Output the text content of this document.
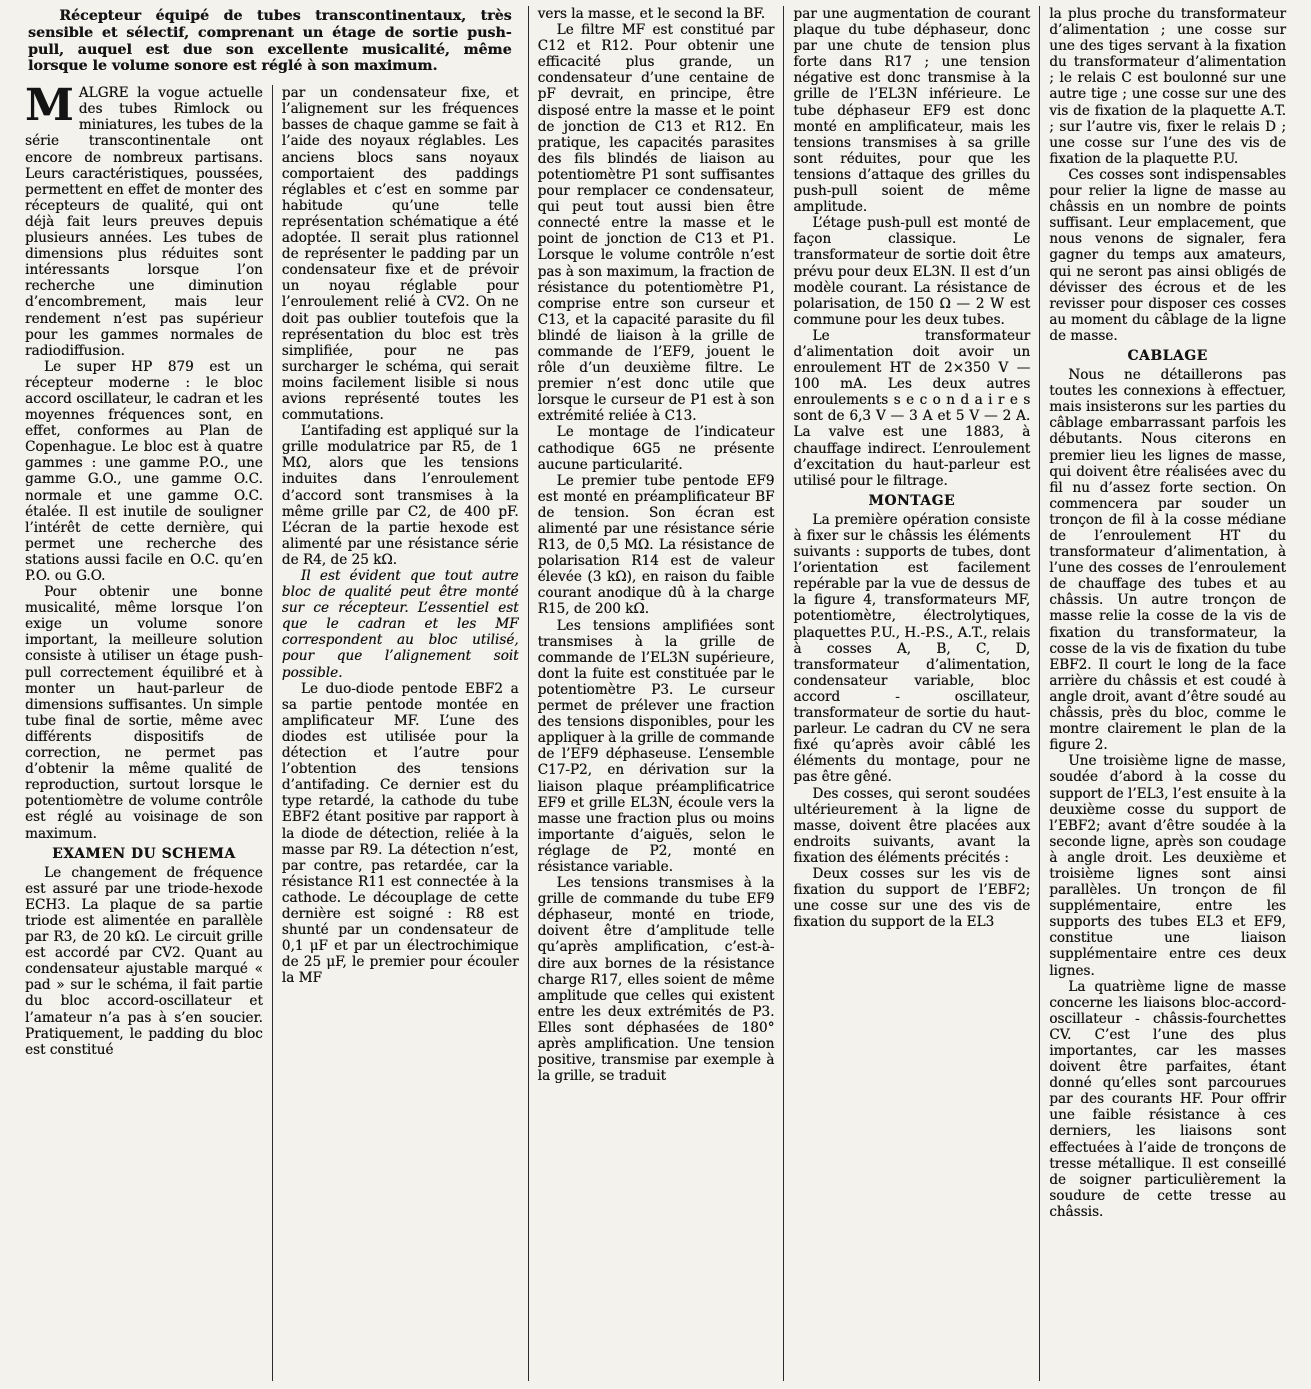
Récepteur équipé de tubes transcontinentaux, très sensible et sélectif, comprenant un étage de sortie push-pull, auquel est due son excellente musicalité, même lorsque le volume sonore est réglé à son maximum.

MALGRE la vogue actuelle des tubes Rimlock ou miniatures, les tubes de la série transcontinentale ont encore de nombreux partisans. Leurs caractéristiques, poussées, permettent en effet de monter des récepteurs de qualité, qui ont déjà fait leurs preuves depuis plusieurs années. Les tubes de dimensions plus réduites sont intéressants lorsque l’on recherche une diminution d’encombrement, mais leur rendement n’est pas supérieur pour les gammes normales de radiodiffusion.

Le super HP 879 est un récepteur moderne : le bloc accord oscillateur, le cadran et les moyennes fréquences sont, en effet, conformes au Plan de Copenhague. Le bloc est à quatre gammes : une gamme P.O., une gamme G.O., une gamme O.C. normale et une gamme O.C. étalée. Il est inutile de souligner l’intérêt de cette dernière, qui permet une recherche des stations aussi facile en O.C. qu’en P.O. ou G.O.

Pour obtenir une bonne musicalité, même lorsque l’on exige un volume sonore important, la meilleure solution consiste à utiliser un étage push-pull correctement équilibré et à monter un haut-parleur de dimensions suffisantes. Un simple tube final de sortie, même avec différents dispositifs de correction, ne permet pas d’obtenir la même qualité de reproduction, surtout lorsque le potentiomètre de volume contrôle est réglé au voisinage de son maximum.

EXAMEN DU SCHEMA

Le changement de fréquence est assuré par une triode-hexode ECH3. La plaque de sa partie triode est alimentée en parallèle par R3, de 20 kΩ. Le circuit grille est accordé par CV2. Quant au condensateur ajustable marqué « pad » sur le schéma, il fait partie du bloc accord-oscillateur et l’amateur n’a pas à s’en soucier. Pratiquement, le padding du bloc est constitué

par un condensateur fixe, et l’alignement sur les fréquences basses de chaque gamme se fait à l’aide des noyaux réglables. Les anciens blocs sans noyaux comportaient des paddings réglables et c’est en somme par habitude qu’une telle représentation schématique a été adoptée. Il serait plus rationnel de représenter le padding par un condensateur fixe et de prévoir un noyau réglable pour l’enroulement relié à CV2. On ne doit pas oublier toutefois que la représentation du bloc est très simplifiée, pour ne pas surcharger le schéma, qui serait moins facilement lisible si nous avions représenté toutes les commutations.

L’antifading est appliqué sur la grille modulatrice par R5, de 1 MΩ, alors que les tensions induites dans l’enroulement d’accord sont transmises à la même grille par C2, de 400 pF. L’écran de la partie hexode est alimenté par une résistance série de R4, de 25 kΩ.

Il est évident que tout autre bloc de qualité peut être monté sur ce récepteur. L’essentiel est que le cadran et les MF correspondent au bloc utilisé, pour que l’alignement soit possible.

Le duo-diode pentode EBF2 a sa partie pentode montée en amplificateur MF. L’une des diodes est utilisée pour la détection et l’autre pour l’obtention des tensions d’antifading. Ce dernier est du type retardé, la cathode du tube EBF2 étant positive par rapport à la diode de détection, reliée à la masse par R9. La détection n’est, par contre, pas retardée, car la résistance R11 est connectée à la cathode. Le découplage de cette dernière est soigné : R8 est shunté par un condensateur de 0,1 μF et par un électrochimique de 25 μF, le premier pour écouler la MF

vers la masse, et le second la BF.

Le filtre MF est constitué par C12 et R12. Pour obtenir une efficacité plus grande, un condensateur d’une centaine de pF devrait, en principe, être disposé entre la masse et le point de jonction de C13 et R12. En pratique, les capacités parasites des fils blindés de liaison au potentiomètre P1 sont suffisantes pour remplacer ce condensateur, qui peut tout aussi bien être connecté entre la masse et le point de jonction de C13 et P1. Lorsque le volume contrôle n’est pas à son maximum, la fraction de résistance du potentiomètre P1, comprise entre son curseur et C13, et la capacité parasite du fil blindé de liaison à la grille de commande de l’EF9, jouent le rôle d’un deuxième filtre. Le premier n’est donc utile que lorsque le curseur de P1 est à son extrémité reliée à C13.

Le montage de l’indicateur cathodique 6G5 ne présente aucune particularité.

Le premier tube pentode EF9 est monté en préamplificateur BF de tension. Son écran est alimenté par une résistance série R13, de 0,5 MΩ. La résistance de polarisation R14 est de valeur élevée (3 kΩ), en raison du faible courant anodique dû à la charge R15, de 200 kΩ.

Les tensions amplifiées sont transmises à la grille de commande de l’EL3N supérieure, dont la fuite est constituée par le potentiomètre P3. Le curseur permet de prélever une fraction des tensions disponibles, pour les appliquer à la grille de commande de l’EF9 déphaseuse. L’ensemble C17-P2, en dérivation sur la liaison plaque préamplificatrice EF9 et grille EL3N, écoule vers la masse une fraction plus ou moins importante d’aiguës, selon le réglage de P2, monté en résistance variable.

Les tensions transmises à la grille de commande du tube EF9 déphaseur, monté en triode, doivent être d’amplitude telle qu’après amplification, c’est-à-dire aux bornes de la résistance charge R17, elles soient de même amplitude que celles qui existent entre les deux extrémités de P3. Elles sont déphasées de 180° après amplification. Une tension positive, transmise par exemple à la grille, se traduit

par une augmentation de courant plaque du tube déphaseur, donc par une chute de tension plus forte dans R17 ; une tension négative est donc transmise à la grille de l’EL3N inférieure. Le tube déphaseur EF9 est donc monté en amplificateur, mais les tensions transmises à sa grille sont réduites, pour que les tensions d’attaque des grilles du push-pull soient de même amplitude.

L’étage push-pull est monté de façon classique. Le transformateur de sortie doit être prévu pour deux EL3N. Il est d’un modèle courant. La résistance de polarisation, de 150 Ω — 2 W est commune pour les deux tubes.

Le transformateur d’alimentation doit avoir un enroulement HT de 2×350 V — 100 mA. Les deux autres enroulements s e c o n d a i r e s sont de 6,3 V — 3 A et 5 V — 2 A. La valve est une 1883, à chauffage indirect. L’enroulement d’excitation du haut-parleur est utilisé pour le filtrage.

MONTAGE

La première opération consiste à fixer sur le châssis les éléments suivants : supports de tubes, dont l’orientation est facilement repérable par la vue de dessus de la figure 4, transformateurs MF, potentiomètre, électrolytiques, plaquettes P.U., H.-P.S., A.T., relais à cosses A, B, C, D, transformateur d’alimentation, condensateur variable, bloc accord - oscillateur, transformateur de sortie du haut-parleur. Le cadran du CV ne sera fixé qu’après avoir câblé les éléments du montage, pour ne pas être gêné.

Des cosses, qui seront soudées ultérieurement à la ligne de masse, doivent être placées aux endroits suivants, avant la fixation des éléments précités :

Deux cosses sur les vis de fixation du support de l’EBF2; une cosse sur une des vis de fixation du support de la EL3

la plus proche du transformateur d’alimentation ; une cosse sur une des tiges servant à la fixation du transformateur d’alimentation ; le relais C est boulonné sur une autre tige ; une cosse sur une des vis de fixation de la plaquette A.T. ; sur l’autre vis, fixer le relais D ; une cosse sur l’une des vis de fixation de la plaquette P.U.

Ces cosses sont indispensables pour relier la ligne de masse au châssis en un nombre de points suffisant. Leur emplacement, que nous venons de signaler, fera gagner du temps aux amateurs, qui ne seront pas ainsi obligés de dévisser des écrous et de les revisser pour disposer ces cosses au moment du câblage de la ligne de masse.

CABLAGE

Nous ne détaillerons pas toutes les connexions à effectuer, mais insisterons sur les parties du câblage embarrassant parfois les débutants. Nous citerons en premier lieu les lignes de masse, qui doivent être réalisées avec du fil nu d’assez forte section. On commencera par souder un tronçon de fil à la cosse médiane de l’enroulement HT du transformateur d’alimentation, à l’une des cosses de l’enroulement de chauffage des tubes et au châssis. Un autre tronçon de masse relie la cosse de la vis de fixation du transformateur, la cosse de la vis de fixation du tube EBF2. Il court le long de la face arrière du châssis et est coudé à angle droit, avant d’être soudé au châssis, près du bloc, comme le montre clairement le plan de la figure 2.

Une troisième ligne de masse, soudée d’abord à la cosse du support de l’EL3, l’est ensuite à la deuxième cosse du support de l’EBF2; avant d’être soudée à la seconde ligne, après son coudage à angle droit. Les deuxième et troisième lignes sont ainsi parallèles. Un tronçon de fil supplémentaire, entre les supports des tubes EL3 et EF9, constitue une liaison supplémentaire entre ces deux lignes.

La quatrième ligne de masse concerne les liaisons bloc-accord-oscillateur - châssis-fourchettes CV. C’est l’une des plus importantes, car les masses doivent être parfaites, étant donné qu’elles sont parcourues par des courants HF. Pour offrir une faible résistance à ces derniers, les liaisons sont effectuées à l’aide de tronçons de tresse métallique. Il est conseillé de soigner particulièrement la soudure de cette tresse au châssis.
